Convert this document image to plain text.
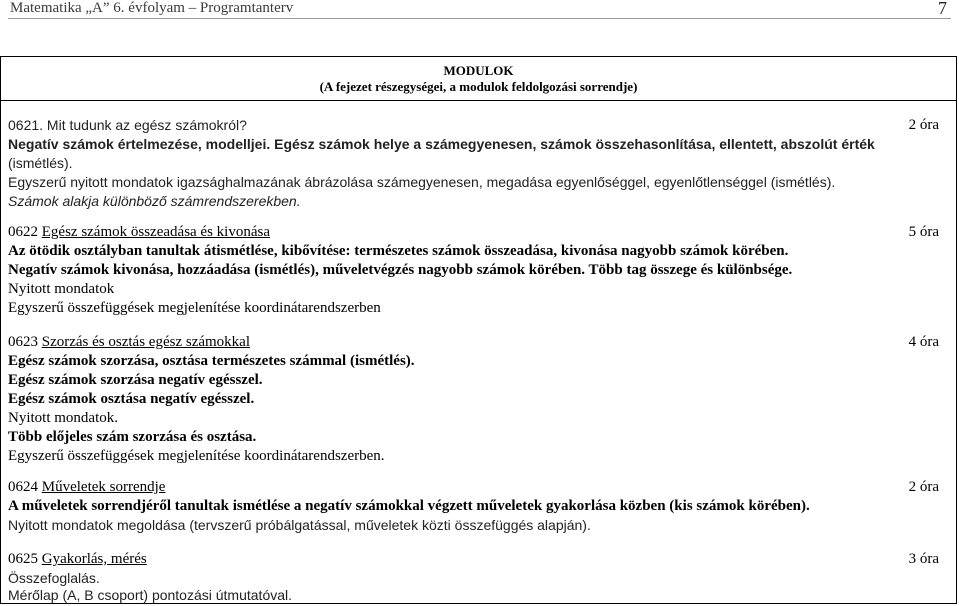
Matematika „A” 6. évfolyam – Programtanterv	7
MODULOK
(A fejezet részegységei, a modulok feldolgozási sorrendje)
0621. Mit tudunk az egész számokról?	2 óra
Negatív számok értelmezése, modelljei. Egész számok helye a számegyenesen, számok összehasonlítása, ellentett, abszolút érték
(ismétlés).
Egyszerű nyitott mondatok igazsághalmazának ábrázolása számegyenesen, megadása egyenlőséggel, egyenlőtlenséggel (ismétlés).
Számok alakja különböző számrendszerekben.
0622 Egész számok összeadása és kivonása	5 óra
Az ötödik osztályban tanultak átismétlése, kibővítése: természetes számok összeadása, kivonása nagyobb számok körében.
Negatív számok kivonása, hozzáadása (ismétlés), műveletvégzés nagyobb számok körében. Több tag összege és különbsége.
Nyitott mondatok
Egyszerű összefüggések megjelenítése koordinátarendszerben
0623 Szorzás és osztás egész számokkal	4 óra
Egész számok szorzása, osztása természetes számmal (ismétlés).
Egész számok szorzása negatív egésszel.
Egész számok osztása negatív egésszel.
Nyitott mondatok.
Több előjeles szám szorzása és osztása.
Egyszerű összefüggések megjelenítése koordinátarendszerben.
0624 Műveletek sorrendje	2 óra
A műveletek sorrendjéről tanultak ismétlése a negatív számokkal végzett műveletek gyakorlása közben (kis számok körében).
Nyitott mondatok megoldása (tervszerű próbálgatással, műveletek közti összefüggés alapján).
0625 Gyakorlás, mérés	3 óra
Összefoglalás.
Mérőlap (A, B csoport) pontozási útmutatóval.
